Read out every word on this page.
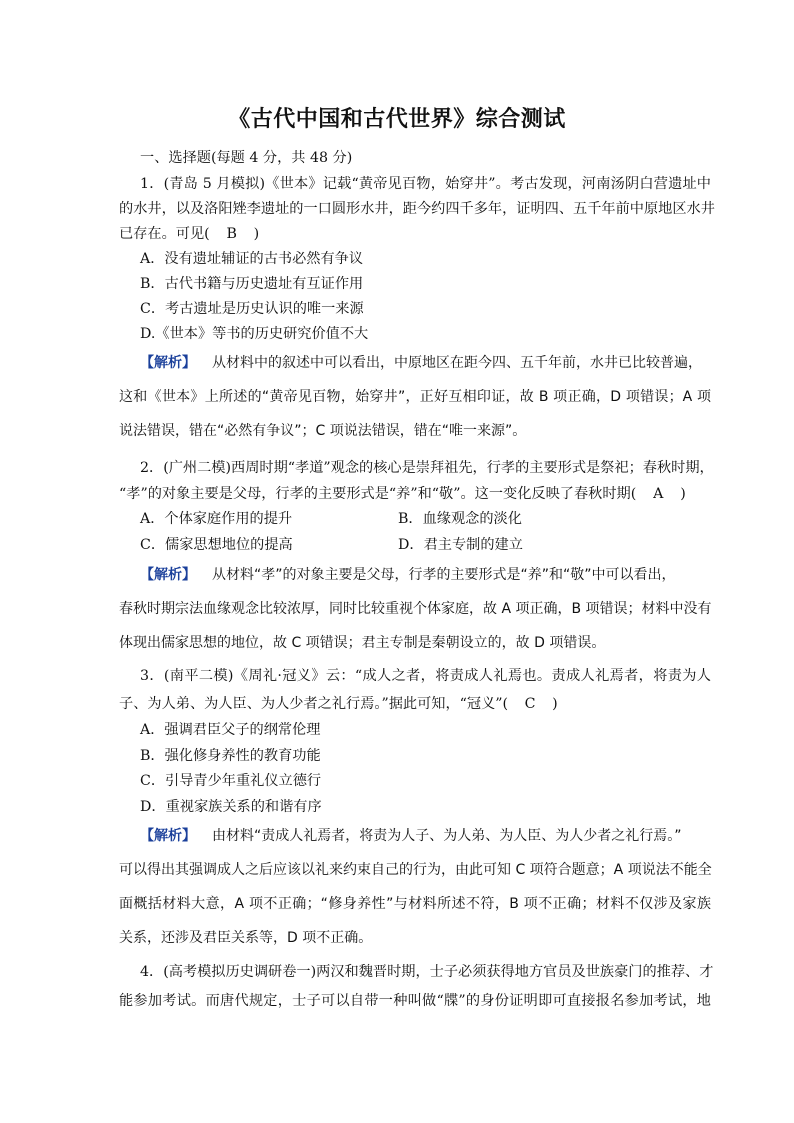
《古代中国和古代世界》综合测试
一、选择题(每题 4 分，共 48 分)
1．(青岛 5 月模拟)《世本》记载“黄帝见百物，始穿井”。考古发现，河南汤阴白营遗址中
的水井，以及洛阳矬李遗址的一口圆形水井，距今约四千多年，证明四、五千年前中原地区水井
已存在。可见( B )
A．没有遗址辅证的古书必然有争议
B．古代书籍与历史遗址有互证作用
C．考古遗址是历史认识的唯一来源
D.《世本》等书的历史研究价值不大
【解析】 从材料中的叙述中可以看出，中原地区在距今四、五千年前，水井已比较普遍，
这和《世本》上所述的“黄帝见百物，始穿井”，正好互相印证，故 B 项正确，D 项错误；A 项
说法错误，错在“必然有争议”；C 项说法错误，错在“唯一来源”。
2．(广州二模)西周时期“孝道”观念的核心是崇拜祖先，行孝的主要形式是祭祀；春秋时期，
“孝”的对象主要是父母，行孝的主要形式是“养”和“敬”。这一变化反映了春秋时期( A )
A．个体家庭作用的提升	B．血缘观念的淡化
C．儒家思想地位的提高	D．君主专制的建立
【解析】 从材料“孝”的对象主要是父母，行孝的主要形式是“养”和“敬”中可以看出，
春秋时期宗法血缘观念比较浓厚，同时比较重视个体家庭，故 A 项正确，B 项错误；材料中没有
体现出儒家思想的地位，故 C 项错误；君主专制是秦朝设立的，故 D 项错误。
3．(南平二模)《周礼·冠义》云：“成人之者，将责成人礼焉也。责成人礼焉者，将责为人
子、为人弟、为人臣、为人少者之礼行焉。”据此可知，“冠义”( C )
A．强调君臣父子的纲常伦理
B．强化修身养性的教育功能
C．引导青少年重礼仪立德行
D．重视家族关系的和谐有序
【解析】 由材料“责成人礼焉者，将责为人子、为人弟、为人臣、为人少者之礼行焉。”
可以得出其强调成人之后应该以礼来约束自己的行为，由此可知 C 项符合题意；A 项说法不能全
面概括材料大意，A 项不正确；“修身养性”与材料所述不符，B 项不正确；材料不仅涉及家族
关系，还涉及君臣关系等，D 项不正确。
4．(高考模拟历史调研卷一)两汉和魏晋时期，士子必须获得地方官员及世族豪门的推荐、才
能参加考试。而唐代规定，士子可以自带一种叫做“牒”的身份证明即可直接报名参加考试，地
